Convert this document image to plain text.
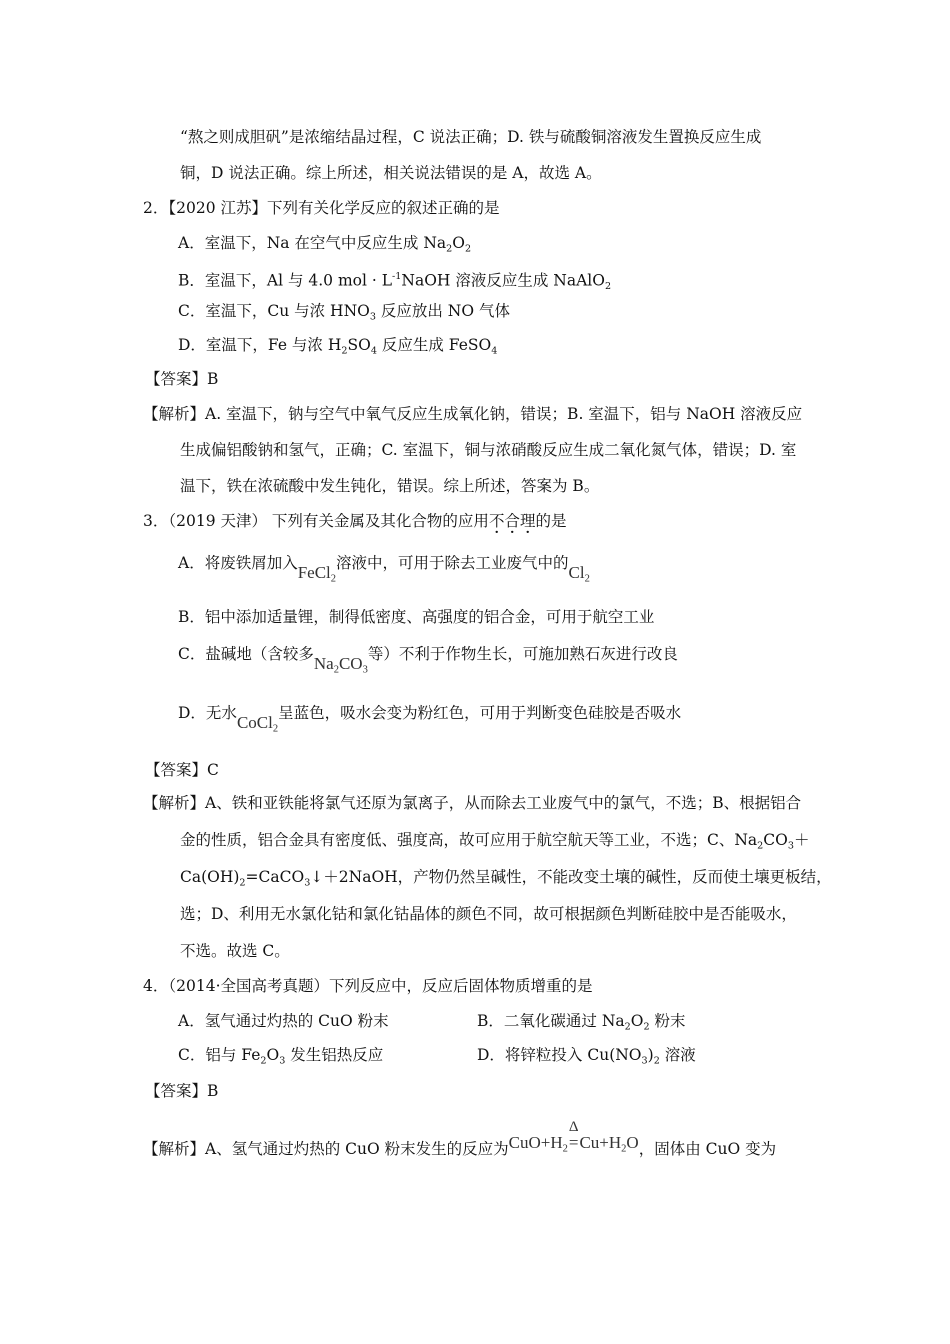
“熬之则成胆矾”是浓缩结晶过程，C 说法正确；D. 铁与硫酸铜溶液发生置换反应生成
铜，D 说法正确。综上所述，相关说法错误的是 A，故选 A。
2．【2020 江苏】下列有关化学反应的叙述正确的是
A．室温下，Na 在空气中反应生成 $Na_2O_2$
B．室温下，Al 与 4.0 mol · $L^{-1}NaOH$ 溶液反应生成 NaAlO$_2$
C．室温下，Cu 与浓 $HNO_3$ 反应放出 NO 气体
D．室温下，Fe 与浓 $H_2SO_4$ 反应生成 FeSO$_4$
【答案】B
【解析】A. 室温下，钠与空气中氧气反应生成氧化钠，错误；B. 室温下，铝与 NaOH 溶液反应
生成偏铝酸钠和氢气，正确；C. 室温下，铜与浓硝酸反应生成二氧化氮气体，错误；D. 室
温下，铁在浓硫酸中发生钝化，错误。综上所述，答案为 B。
3．（2019 天津） 下列有关金属及其化合物的应用不合理的是
A．将废铁屑加入FeCl$_2$溶液中，可用于除去工业废气中的$Cl_2$
B．铝中添加适量锂，制得低密度、高强度的铝合金，可用于航空工业
C．盐碱地（含较多$Na_2CO_3$等）不利于作物生长，可施加熟石灰进行改良
D．无水CoCl$_2$呈蓝色，吸水会变为粉红色，可用于判断变色硅胶是否吸水
【答案】C
【解析】A、铁和亚铁能将氯气还原为氯离子，从而除去工业废气中的氯气，不选；B、根据铝合
金的性质，铝合金具有密度低、强度高，故可应用于航空航天等工业，不选；C、$Na_2CO_3+$
$Ca(OH)_2=CaCO_3↓+2NaOH$，产物仍然呈碱性，不能改变土壤的碱性，反而使土壤更板结，
选；D、利用无水氯化钴和氯化钴晶体的颜色不同，故可根据颜色判断硅胶中是否能吸水，
不选。故选 C。
4．（2014·全国高考真题）下列反应中，反应后固体物质增重的是
A．氢气通过灼热的 CuO 粉末	B．二氧化碳通过 $Na_2O_2$ 粉末
C．铝与 $Fe_2O_3$ 发生铝热反应	D．将锌粒投入 $Cu(NO_3)_2$ 溶液
【答案】B
【解析】A、氢气通过灼热的 CuO 粉末发生的反应为$CuO+H_2$
Δ
$=Cu+H_2O$，固体由 CuO 变为
